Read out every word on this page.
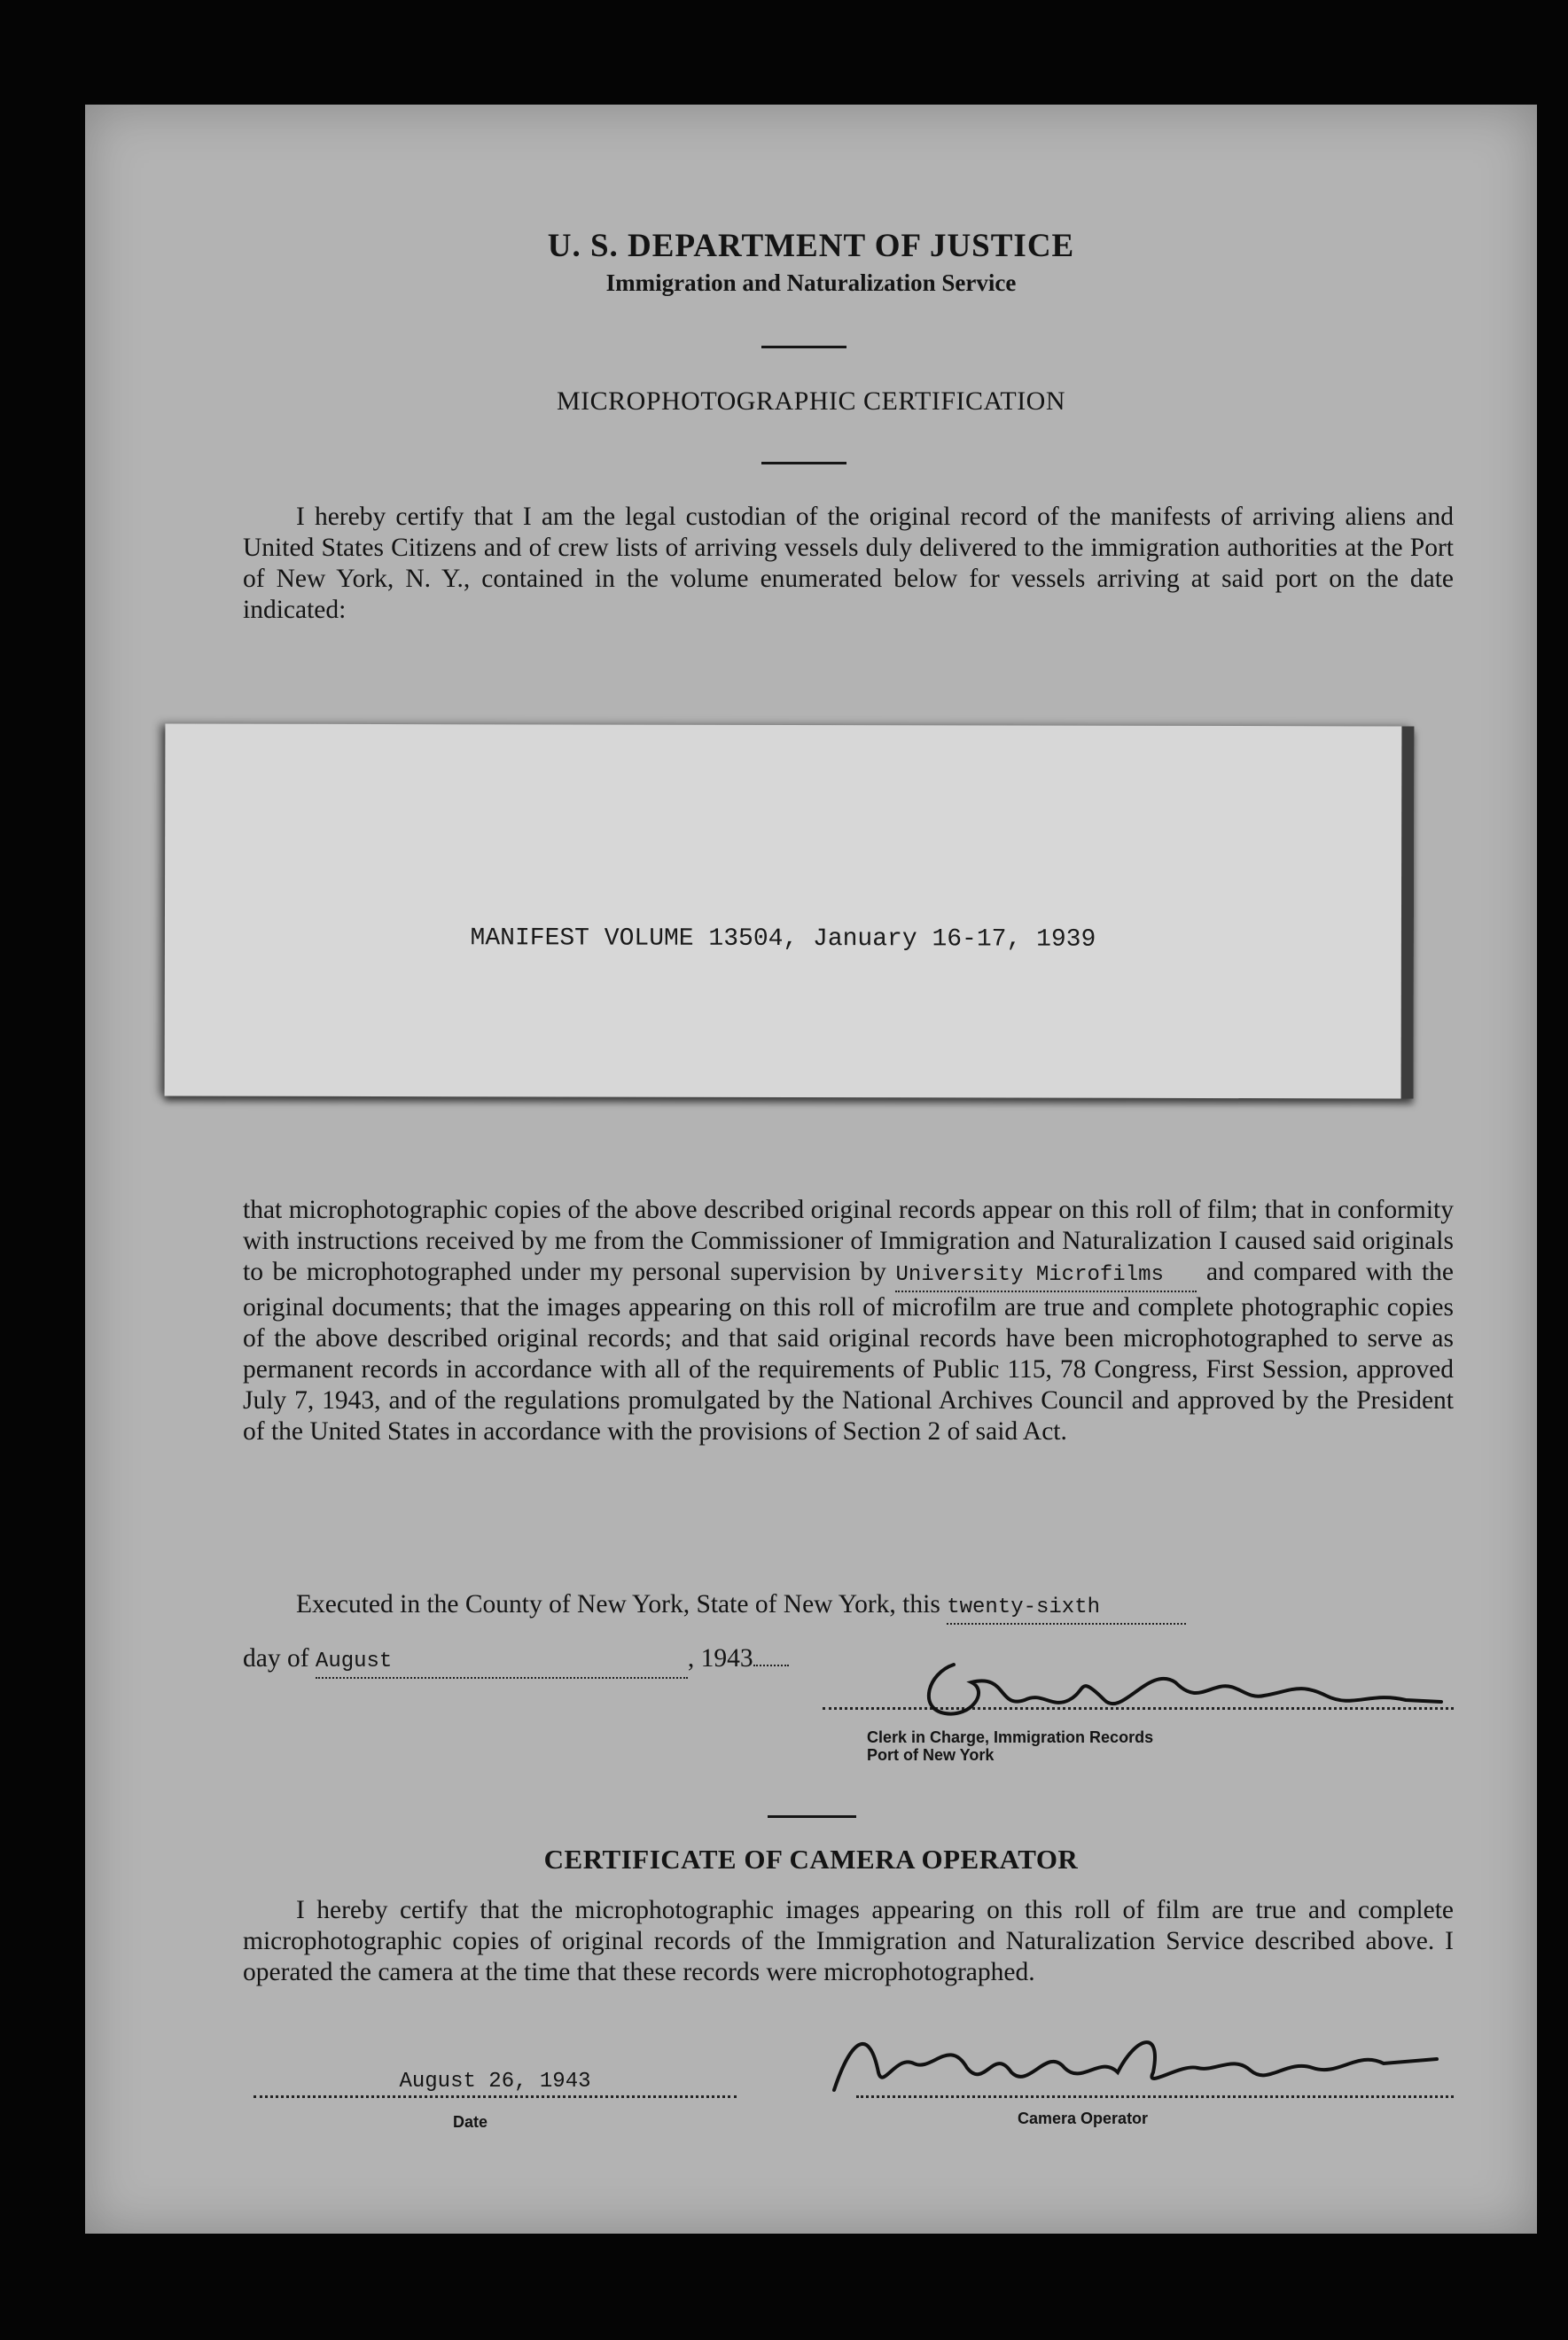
U. S. DEPARTMENT OF JUSTICE
Immigration and Naturalization Service
MICROPHOTOGRAPHIC CERTIFICATION

I hereby certify that I am the legal custodian of the original record of the manifests of arriving aliens and United States Citizens and of crew lists of arriving vessels duly delivered to the immigration authorities at the Port of New York, N. Y., contained in the volume enumerated below for vessels arriving at said port on the date indicated:

MANIFEST VOLUME 13504, January 16-17, 1939

that microphotographic copies of the above described original records appear on this roll of film; that in conformity with instructions received by me from the Commissioner of Immigration and Naturalization I caused said originals to be microphotographed under my personal supervision by University Microfilms and compared with the original documents; that the images appearing on this roll of microfilm are true and complete photographic copies of the above described original records; and that said original records have been microphotographed to serve as permanent records in accordance with all of the requirements of Public 115, 78 Congress, First Session, approved July 7, 1943, and of the regulations promulgated by the National Archives Council and approved by the President of the United States in accordance with the provisions of Section 2 of said Act.

Executed in the County of New York, State of New York, this twenty-sixth
day of August	, 1943
Clerk in Charge, Immigration Records
Port of New York
CERTIFICATE OF CAMERA OPERATOR

I hereby certify that the microphotographic images appearing on this roll of film are true and complete microphotographic copies of original records of the Immigration and Naturalization Service described above. I operated the camera at the time that these records were microphotographed.

August 26, 1943
Date	Camera Operator
